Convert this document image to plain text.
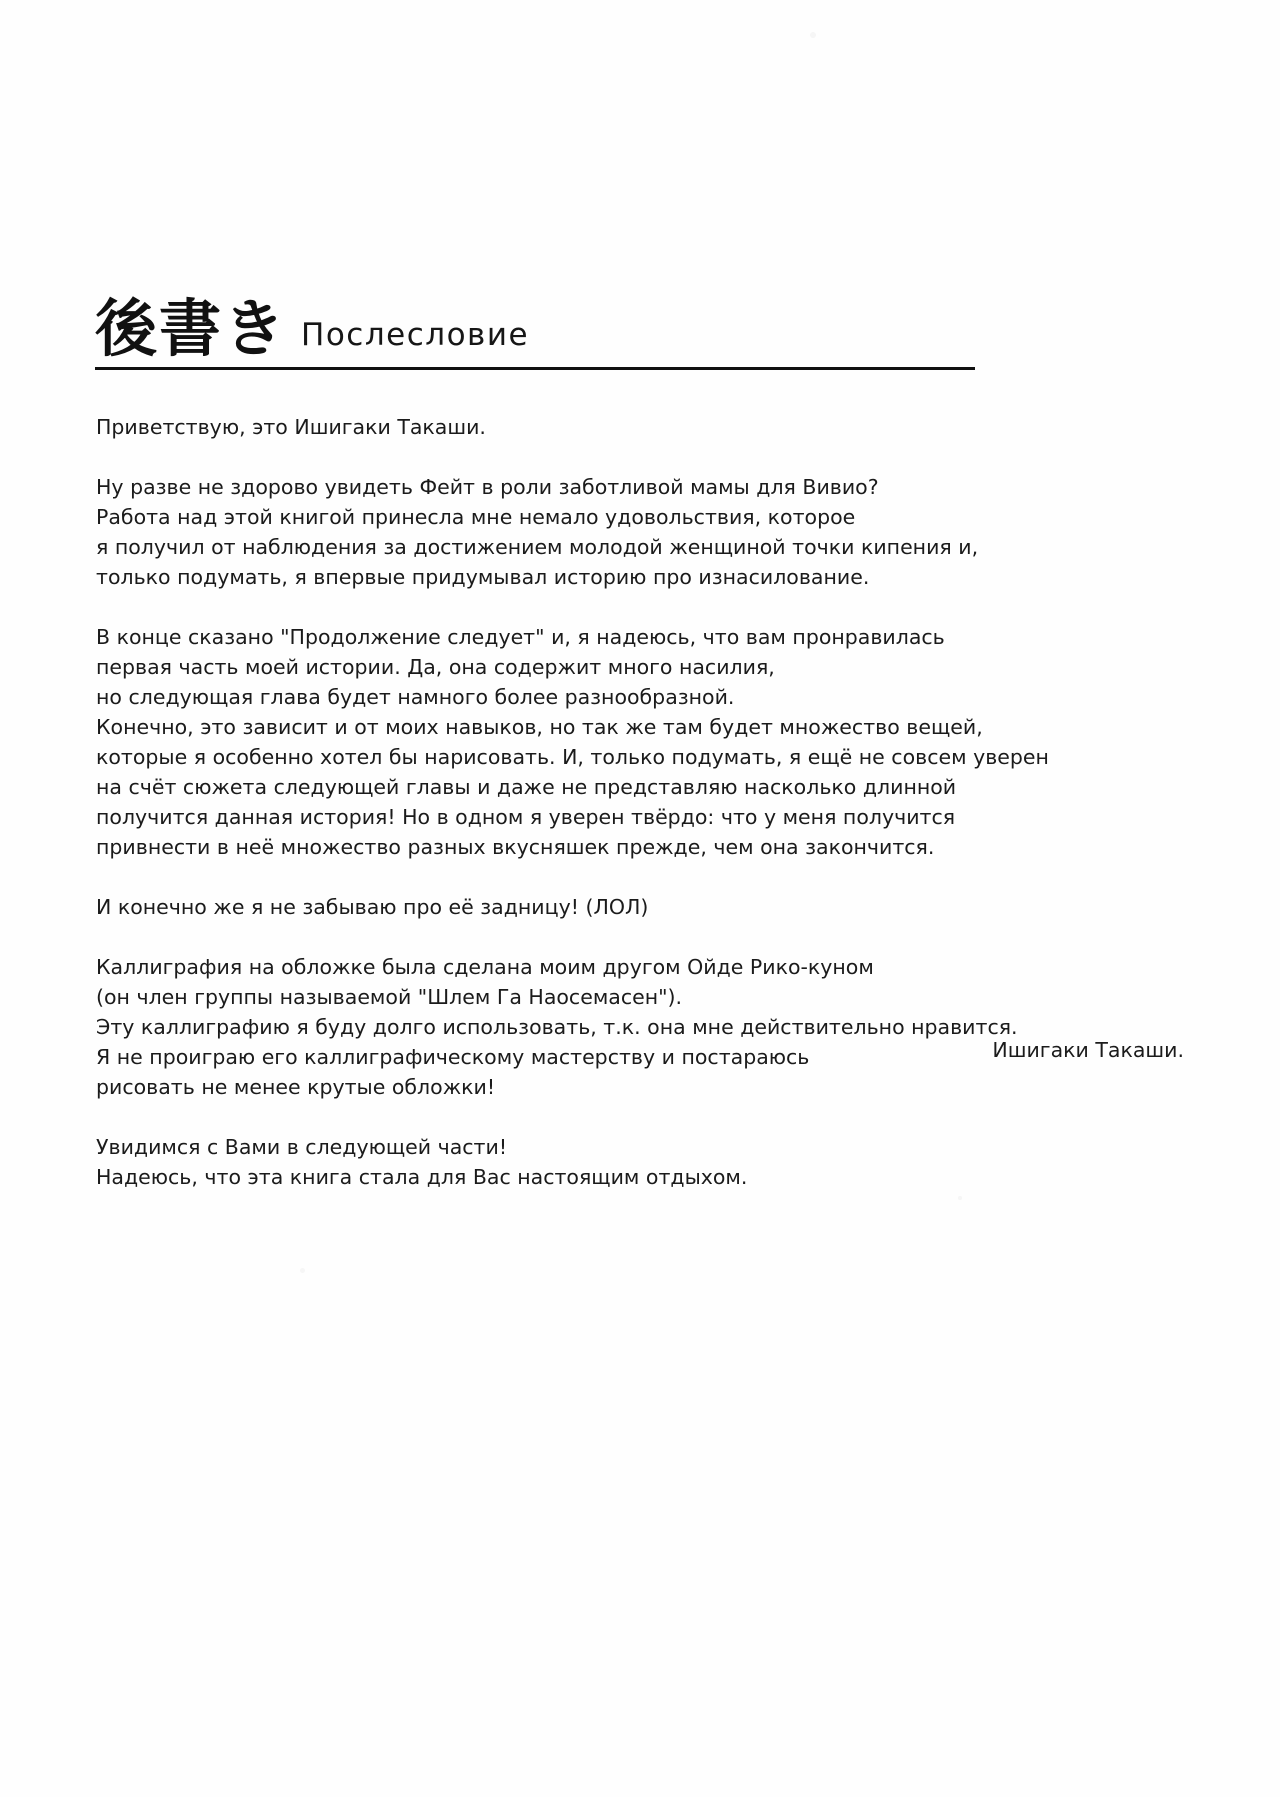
後書き Послесловие

Приветствую, это Ишигаки Такаши.

Ну разве не здорово увидеть Фейт в роли заботливой мамы для Вивио?
Работа над этой книгой принесла мне немало удовольствия, которое
я получил от наблюдения за достижением молодой женщиной точки кипения и,
только подумать, я впервые придумывал историю про изнасилование.

В конце сказано "Продолжение следует" и, я надеюсь, что вам пронравилась
первая часть моей истории. Да, она содержит много насилия,
но следующая глава будет намного более разнообразной.
Конечно, это зависит и от моих навыков, но так же там будет множество вещей,
которые я особенно хотел бы нарисовать. И, только подумать, я ещё не совсем уверен
на счёт сюжета следующей главы и даже не представляю насколько длинной
получится данная история! Но в одном я уверен твёрдо: что у меня получится
привнести в неё множество разных вкусняшек прежде, чем она закончится.

И конечно же я не забываю про её задницу! (ЛОЛ)

Каллиграфия на обложке была сделана моим другом Ойде Рико-куном
(он член группы называемой "Шлем Га Наосемасен").
Эту каллиграфию я буду долго использовать, т.к. она мне действительно нравится.
Я не проиграю его каллиграфическому мастерству и постараюсь
рисовать не менее крутые обложки!

Увидимся с Вами в следующей части!
Надеюсь, что эта книга стала для Вас настоящим отдыхом.

Ишигаки Такаши.
